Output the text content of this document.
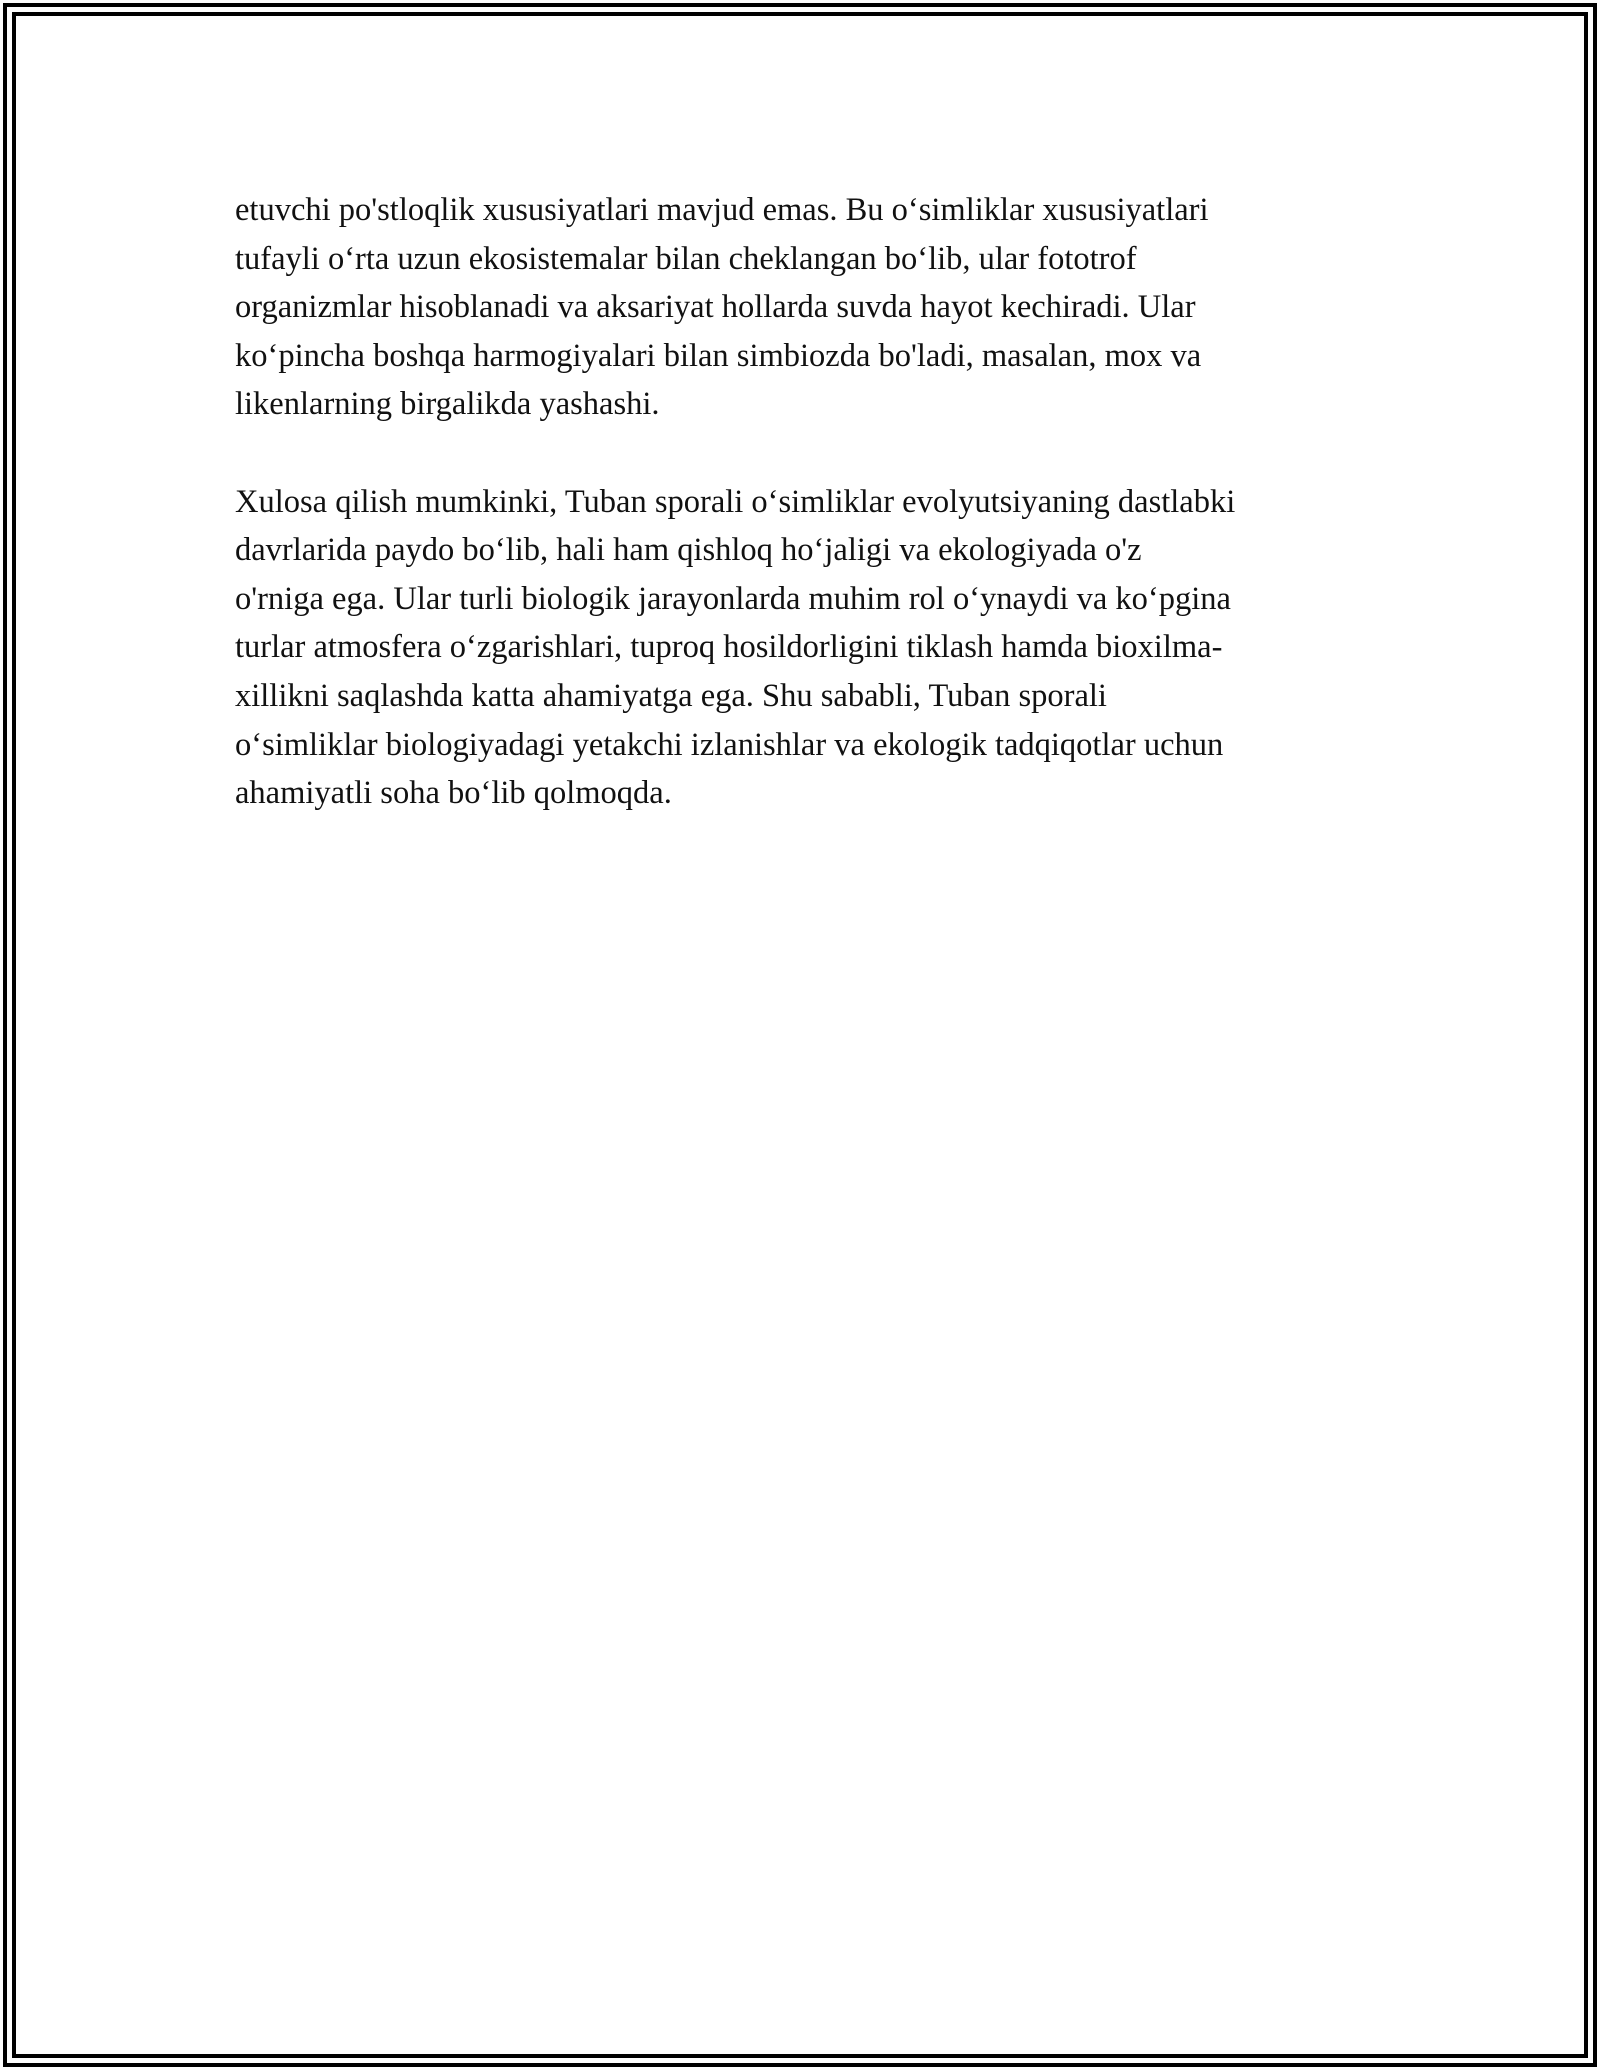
etuvchi po'stloqlik xususiyatlari mavjud emas. Bu o‘simliklar xususiyatlari
tufayli o‘rta uzun ekosistemalar bilan cheklangan bo‘lib, ular fototrof
organizmlar hisoblanadi va aksariyat hollarda suvda hayot kechiradi. Ular
ko‘pincha boshqa harmogiyalari bilan simbiozda bo'ladi, masalan, mox va
likenlarning birgalikda yashashi.

Xulosa qilish mumkinki, Tuban sporali o‘simliklar evolyutsiyaning dastlabki
davrlarida paydo bo‘lib, hali ham qishloq ho‘jaligi va ekologiyada o'z
o'rniga ega. Ular turli biologik jarayonlarda muhim rol o‘ynaydi va ko‘pgina
turlar atmosfera o‘zgarishlari, tuproq hosildorligini tiklash hamda bioxilma-
xillikni saqlashda katta ahamiyatga ega. Shu sababli, Tuban sporali
o‘simliklar biologiyadagi yetakchi izlanishlar va ekologik tadqiqotlar uchun
ahamiyatli soha bo‘lib qolmoqda.
